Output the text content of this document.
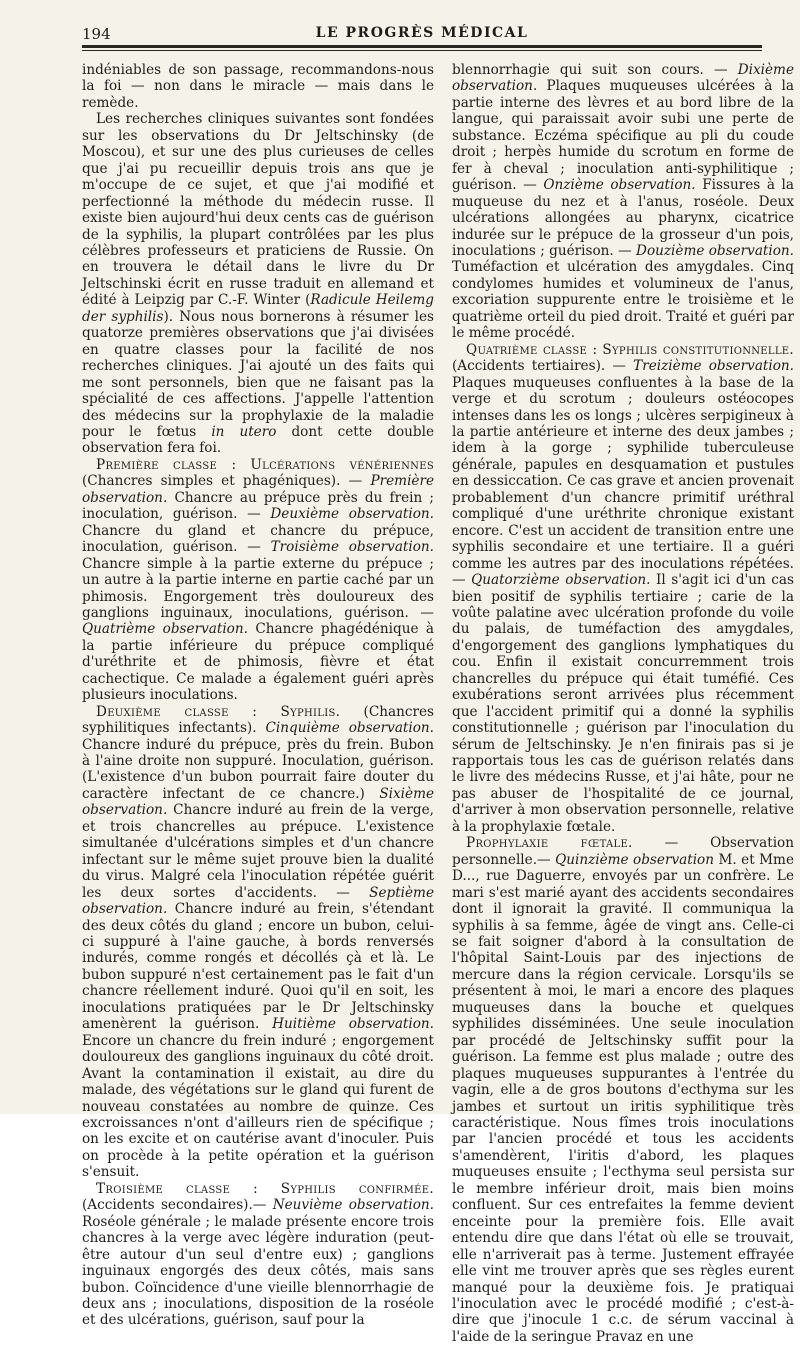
194	LE PROGRÈS MÉDICAL

indéniables de son passage, recommandons-nous la foi — non dans le miracle — mais dans le remède.

Les recherches cliniques suivantes sont fondées sur les observations du Dr Jeltschinsky (de Moscou), et sur une des plus curieuses de celles que j'ai pu recueillir depuis trois ans que je m'occupe de ce sujet, et que j'ai modifié et perfectionné la méthode du médecin russe. Il existe bien aujourd'hui deux cents cas de guérison de la syphilis, la plupart contrôlées par les plus célèbres professeurs et praticiens de Russie. On en trouvera le détail dans le livre du Dr Jeltschinski écrit en russe traduit en allemand et édité à Leipzig par C.-F. Winter (Radicule Heilemg der syphilis). Nous nous bornerons à résumer les quatorze premières observations que j'ai divisées en quatre classes pour la facilité de nos recherches cliniques. J'ai ajouté un des faits qui me sont personnels, bien que ne faisant pas la spécialité de ces affections. J'appelle l'attention des médecins sur la prophylaxie de la maladie pour le fœtus in utero dont cette double observation fera foi.

Première classe : Ulcérations vénériennes (Chancres simples et phagéniques). — Première observation. Chancre au prépuce près du frein ; inoculation, guérison. — Deuxième observation. Chancre du gland et chancre du prépuce, inoculation, guérison. — Troisième observation. Chancre simple à la partie externe du prépuce ; un autre à la partie interne en partie caché par un phimosis. Engorgement très douloureux des ganglions inguinaux, inoculations, guérison. — Quatrième observation. Chancre phagédénique à la partie inférieure du prépuce compliqué d'uréthrite et de phimosis, fièvre et état cachectique. Ce malade a également guéri après plusieurs inoculations.

Deuxième classe : Syphilis. (Chancres syphilitiques infectants). Cinquième observation. Chancre induré du prépuce, près du frein. Bubon à l'aine droite non suppuré. Inoculation, guérison. (L'existence d'un bubon pourrait faire douter du caractère infectant de ce chancre.) Sixième observation. Chancre induré au frein de la verge, et trois chancrelles au prépuce. L'existence simultanée d'ulcérations simples et d'un chancre infectant sur le même sujet prouve bien la dualité du virus. Malgré cela l'inoculation répétée guérit les deux sortes d'accidents. — Septième observation. Chancre induré au frein, s'étendant des deux côtés du gland ; encore un bubon, celui-ci suppuré à l'aine gauche, à bords renversés indurés, comme rongés et décollés çà et là. Le bubon suppuré n'est certainement pas le fait d'un chancre réellement induré. Quoi qu'il en soit, les inoculations pratiquées par le Dr Jeltschinsky amenèrent la guérison. Huitième observation. Encore un chancre du frein induré ; engorgement douloureux des ganglions inguinaux du côté droit. Avant la contamination il existait, au dire du malade, des végétations sur le gland qui furent de nouveau constatées au nombre de quinze. Ces excroissances n'ont d'ailleurs rien de spécifique ; on les excite et on cautérise avant d'inoculer. Puis on procède à la petite opération et la guérison s'ensuit.

Troisième classe : Syphilis confirmée. (Accidents secondaires).— Neuvième observation. Roséole générale ; le malade présente encore trois chancres à la verge avec légère induration (peut-être autour d'un seul d'entre eux) ; ganglions inguinaux engorgés des deux côtés, mais sans bubon. Coïncidence d'une vieille blennorrhagie de deux ans ; inoculations, disposition de la roséole et des ulcérations, guérison, sauf pour la

blennorrhagie qui suit son cours. — Dixième observation. Plaques muqueuses ulcérées à la partie interne des lèvres et au bord libre de la langue, qui paraissait avoir subi une perte de substance. Eczéma spécifique au pli du coude droit ; herpès humide du scrotum en forme de fer à cheval ; inoculation anti-syphilitique ; guérison. — Onzième observation. Fissures à la muqueuse du nez et à l'anus, roséole. Deux ulcérations allongées au pharynx, cicatrice indurée sur le prépuce de la grosseur d'un pois, inoculations ; guérison. — Douzième observation. Tuméfaction et ulcération des amygdales. Cinq condylomes humides et volumineux de l'anus, excoriation suppurente entre le troisième et le quatrième orteil du pied droit. Traité et guéri par le même procédé.

Quatrième classe : Syphilis constitutionnelle. (Accidents tertiaires). — Treizième observation. Plaques muqueuses confluentes à la base de la verge et du scrotum ; douleurs ostéocopes intenses dans les os longs ; ulcères serpigineux à la partie antérieure et interne des deux jambes ; idem à la gorge ; syphilide tuberculeuse générale, papules en desquamation et pustules en dessiccation. Ce cas grave et ancien provenait probablement d'un chancre primitif uréthral compliqué d'une uréthrite chronique existant encore. C'est un accident de transition entre une syphilis secondaire et une tertiaire. Il a guéri comme les autres par des inoculations répétées. — Quatorzième observation. Il s'agit ici d'un cas bien positif de syphilis tertiaire ; carie de la voûte palatine avec ulcération profonde du voile du palais, de tuméfaction des amygdales, d'engorgement des ganglions lymphatiques du cou. Enfin il existait concurremment trois chancrelles du prépuce qui était tuméfié. Ces exubérations seront arrivées plus récemment que l'accident primitif qui a donné la syphilis constitutionnelle ; guérison par l'inoculation du sérum de Jeltschinsky. Je n'en finirais pas si je rapportais tous les cas de guérison relatés dans le livre des médecins Russe, et j'ai hâte, pour ne pas abuser de l'hospitalité de ce journal, d'arriver à mon observation personnelle, relative à la prophylaxie fœtale.

Prophylaxie fœtale. — Observation personnelle.— Quinzième observation M. et Mme D..., rue Daguerre, envoyés par un confrère. Le mari s'est marié ayant des accidents secondaires dont il ignorait la gravité. Il communiqua la syphilis à sa femme, âgée de vingt ans. Celle-ci se fait soigner d'abord à la consultation de l'hôpital Saint-Louis par des injections de mercure dans la région cervicale. Lorsqu'ils se présentent à moi, le mari a encore des plaques muqueuses dans la bouche et quelques syphilides disséminées. Une seule inoculation par procédé de Jeltschinsky suffit pour la guérison. La femme est plus malade ; outre des plaques muqueuses suppurantes à l'entrée du vagin, elle a de gros boutons d'ecthyma sur les jambes et surtout un iritis syphilitique très caractéristique. Nous fîmes trois inoculations par l'ancien procédé et tous les accidents s'amendèrent, l'iritis d'abord, les plaques muqueuses ensuite ; l'ecthyma seul persista sur le membre inférieur droit, mais bien moins confluent. Sur ces entrefaites la femme devient enceinte pour la première fois. Elle avait entendu dire que dans l'état où elle se trouvait, elle n'arriverait pas à terme. Justement effrayée elle vint me trouver après que ses règles eurent manqué pour la deuxième fois. Je pratiquai l'inoculation avec le procédé modifié ; c'est-à-dire que j'inocule 1 c.c. de sérum vaccinal à l'aide de la seringue Pravaz en une
